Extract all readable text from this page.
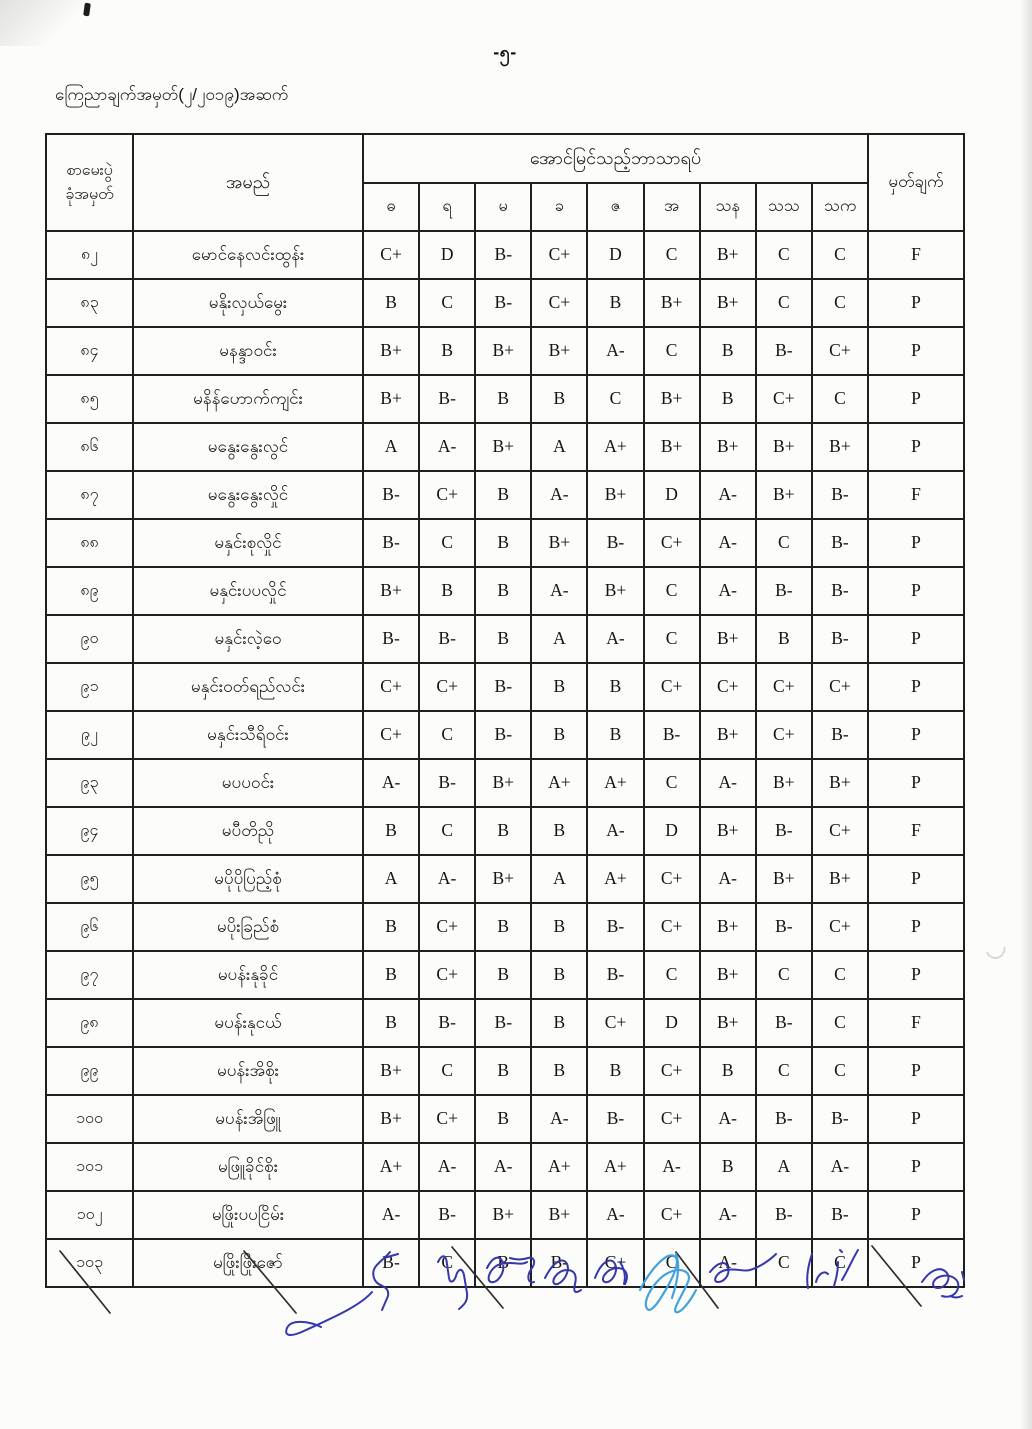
-၅-
ကြေညာချက်အမှတ်(၂/၂၀၁၉)အဆက်
စာမေးပွဲ
ခုံအမှတ်	အမည်	အောင်မြင်သည့်ဘာသာရပ်									မှတ်ချက်
		ဓ	ရ	မ	ခ	ဇ	အ	သန	သသ	သက	
၈၂	မောင်နေလင်းထွန်း	C+	D	B-	C+	D	C	B+	C	C	F
၈၃	မနိုးလှယ်မွေး	B	C	B-	C+	B	B+	B+	C	C	P
၈၄	မနန္ဒာဝင်း	B+	B	B+	B+	A-	C	B	B-	C+	P
၈၅	မနိန်ဟောက်ကျင်း	B+	B-	B	B	C	B+	B	C+	C	P
၈၆	မနွေးနွေးလွင်	A	A-	B+	A	A+	B+	B+	B+	B+	P
၈၇	မနွေးနွေးလှိုင်	B-	C+	B	A-	B+	D	A-	B+	B-	F
၈၈	မနှင်းစုလှိုင်	B-	C	B	B+	B-	C+	A-	C	B-	P
၈၉	မနှင်းပပလှိုင်	B+	B	B	A-	B+	C	A-	B-	B-	P
၉၀	မနှင်းလဲ့ဝေ	B-	B-	B	A	A-	C	B+	B	B-	P
၉၁	မနှင်းဝတ်ရည်လင်း	C+	C+	B-	B	B	C+	C+	C+	C+	P
၉၂	မနှင်းသီရိဝင်း	C+	C	B-	B	B	B-	B+	C+	B-	P
၉၃	မပပဝင်း	A-	B-	B+	A+	A+	C	A-	B+	B+	P
၉၄	မပီတိညို	B	C	B	B	A-	D	B+	B-	C+	F
၉၅	မပိုပိုပြည့်စုံ	A	A-	B+	A	A+	C+	A-	B+	B+	P
၉၆	မပိုးခြည်စံ	B	C+	B	B	B-	C+	B+	B-	C+	P
၉၇	မပန်းနုခိုင်	B	C+	B	B	B-	C	B+	C	C	P
၉၈	မပန်းနုငယ်	B	B-	B-	B	C+	D	B+	B-	C	F
၉၉	မပန်းအိစိုး	B+	C	B	B	B	C+	B	C	C	P
၁၀၀	မပန်းအိဖြူ	B+	C+	B	A-	B-	C+	A-	B-	B-	P
၁၀၁	မဖြူခိုင်စိုး	A+	A-	A-	A+	A+	A-	B	A	A-	P
၁၀၂	မဖြိုးပပငြိမ်း	A-	B-	B+	B+	A-	C+	A-	B-	B-	P
၁၀၃	မဖြိုးဖြိုးဇော်	B-	C	B	B-	C+	C	A-	C	C	P
